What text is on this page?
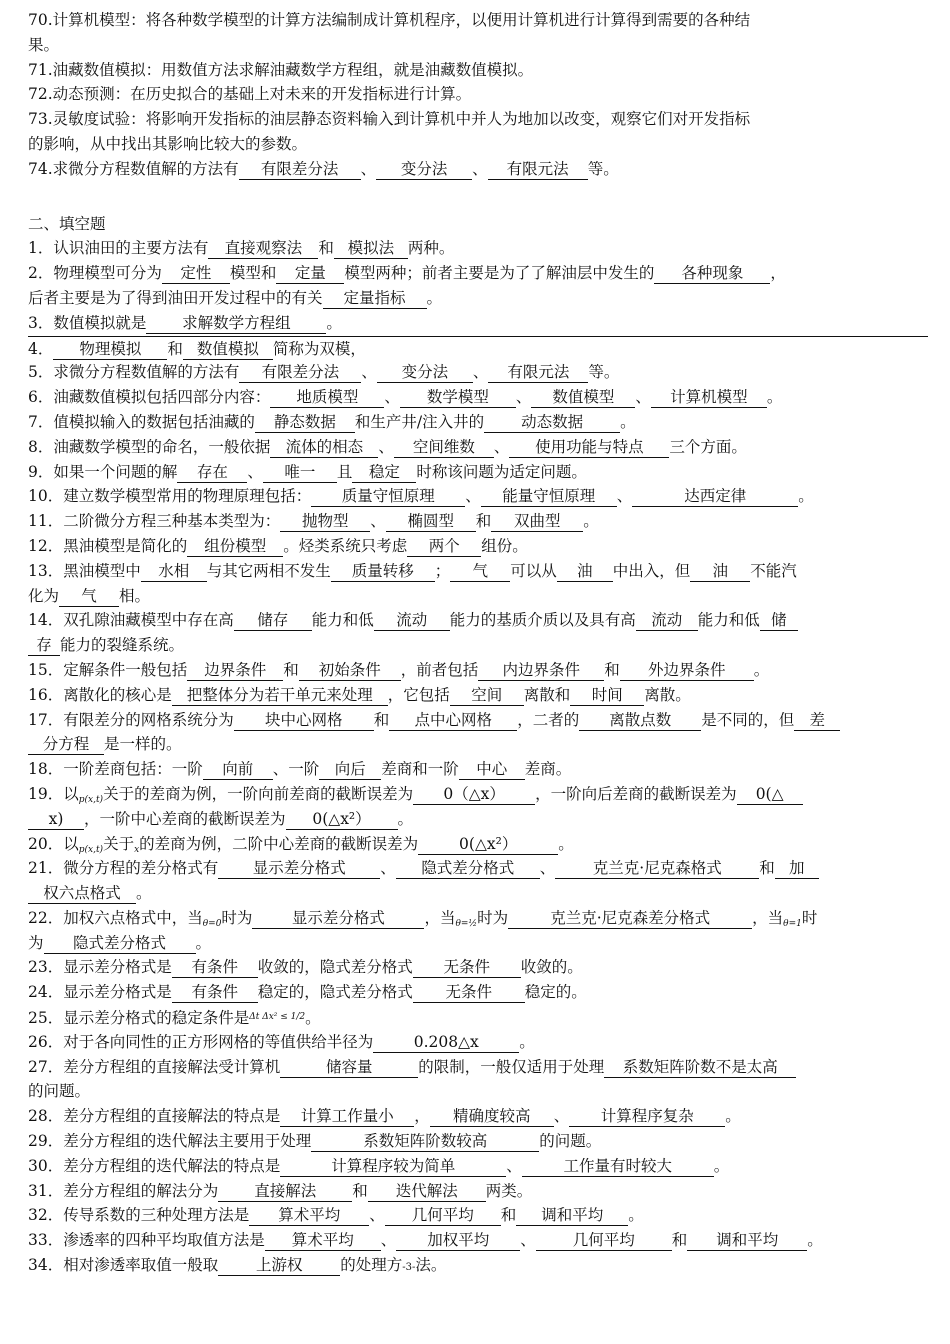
70.计算机模型：将各种数学模型的计算方法编制成计算机程序，以便用计算机进行计算得到需要的各种结
果。
71.油藏数值模拟：用数值方法求解油藏数学方程组，就是油藏数值模拟。
72.动态预测：在历史拟合的基础上对未来的开发指标进行计算。
73.灵敏度试验：将影响开发指标的油层静态资料输入到计算机中并人为地加以改变，观察它们对开发指标
的影响，从中找出其影响比较大的参数。
74.求微分方程数值解的方法有 有限差分法 、 变分法 、 有限元法 等。
二、填空题
1．认识油田的主要方法有 直接观察法 和 模拟法 两种。
2．物理模型可分为 定性 模型和 定量 模型两种；前者主要是为了了解油层中发生的 各种现象 ，
后者主要是为了得到油田开发过程中的有关 定量指标 。
3．数值模拟就是 求解数学方程组 。
4． 物理模拟 和 数值模拟 简称为双模，
5．求微分方程数值解的方法有 有限差分法 、 变分法 、 有限元法 等。
6．油藏数值模拟包括四部分内容： 地质模型 、 数学模型 、 数值模型 、 计算机模型 。
7．值模拟输入的数据包括油藏的 静态数据 和生产井/注入井的 动态数据 。
8．油藏数学模型的命名，一般依据 流体的相态 、 空间维数 、 使用功能与特点 三个方面。
9．如果一个问题的解 存在 、 唯一 且 稳定 时称该问题为适定问题。
10．建立数学模型常用的物理原理包括： 质量守恒原理 、 能量守恒原理 、	达西定律	。
11．二阶微分方程三种基本类型为： 抛物型 、 椭圆型 和 双曲型 。
12．黑油模型是简化的 组份模型 。烃类系统只考虑 两个 组份。
13．黑油模型中 水相 与其它两相不发生 质量转移 ； 气 可以从 油 中出入，但 油 不能汽
化为 气 相。
14．双孔隙油藏模型中存在高 储存 能力和低 流动 能力的基质介质以及具有高 流动 能力和低 储
存 能力的裂缝系统。
15．定解条件一般包括 边界条件 和 初始条件 ，前者包括 内边界条件 和 外边界条件 。
16．离散化的核心是 把整体分为若干单元来处理 ，它包括 空间 离散和 时间 离散。
17．有限差分的网格系统分为 块中心网格 和 点中心网格 ，二者的 离散点数 是不同的，但 差
分方程 是一样的。
18．一阶差商包括：一阶 向前 、一阶 向后 差商和一阶 中心 差商。
19．以p(x,t)关于的差商为例，一阶向前差商的截断误差为 0（△x） ，一阶向后差商的截断误差为 0(△
x) ，一阶中心差商的截断误差为 0(△x²） 。
20．以p(x,t)关于x的差商为例，二阶中心差商的截断误差为	0(△x²）	。
21．微分方程的差分格式有 显示差分格式 、 隐式差分格式 、 克兰克·尼克森格式 和 加
权六点格式 。
22．加权六点格式中，当θ=0时为	显示差分格式	，当θ=½时为	克兰克·尼克森差分格式	，当θ=1时
为 隐式差分格式 。
23．显示差分格式是 有条件 收敛的，隐式差分格式 无条件 收敛的。
24．显示差分格式是 有条件 稳定的，隐式差分格式 无条件 稳定的。
25．显示差分格式的稳定条件是$^{\Delta t \Delta x^2 \le 1/2}$。
26．对于各向同性的正方形网格的等值供给半径为	0.208△x	。
27．差分方程组的直接解法受计算机	储容量	的限制，一般仅适用于处理 系数矩阵阶数不是太高
的问题。
28．差分方程组的直接解法的特点是 计算工作量小 ， 精确度较高 、 计算程序复杂 。
29．差分方程组的迭代解法主要用于处理	系数矩阵阶数较高	的问题。
30．差分方程组的迭代解法的特点是	计算程序较为简单	、	工作量有时较大	。
31．差分方程组的解法分为 直接解法 和 迭代解法 两类。
32．传导系数的三种处理方法是 算术平均 、 几何平均 和 调和平均 。
33．渗透率的四种平均取值方法是 算术平均 、 加权平均 、 几何平均 和 调和平均 。
34．相对渗透率取值一般取 上游权 的处理方-3-法。
